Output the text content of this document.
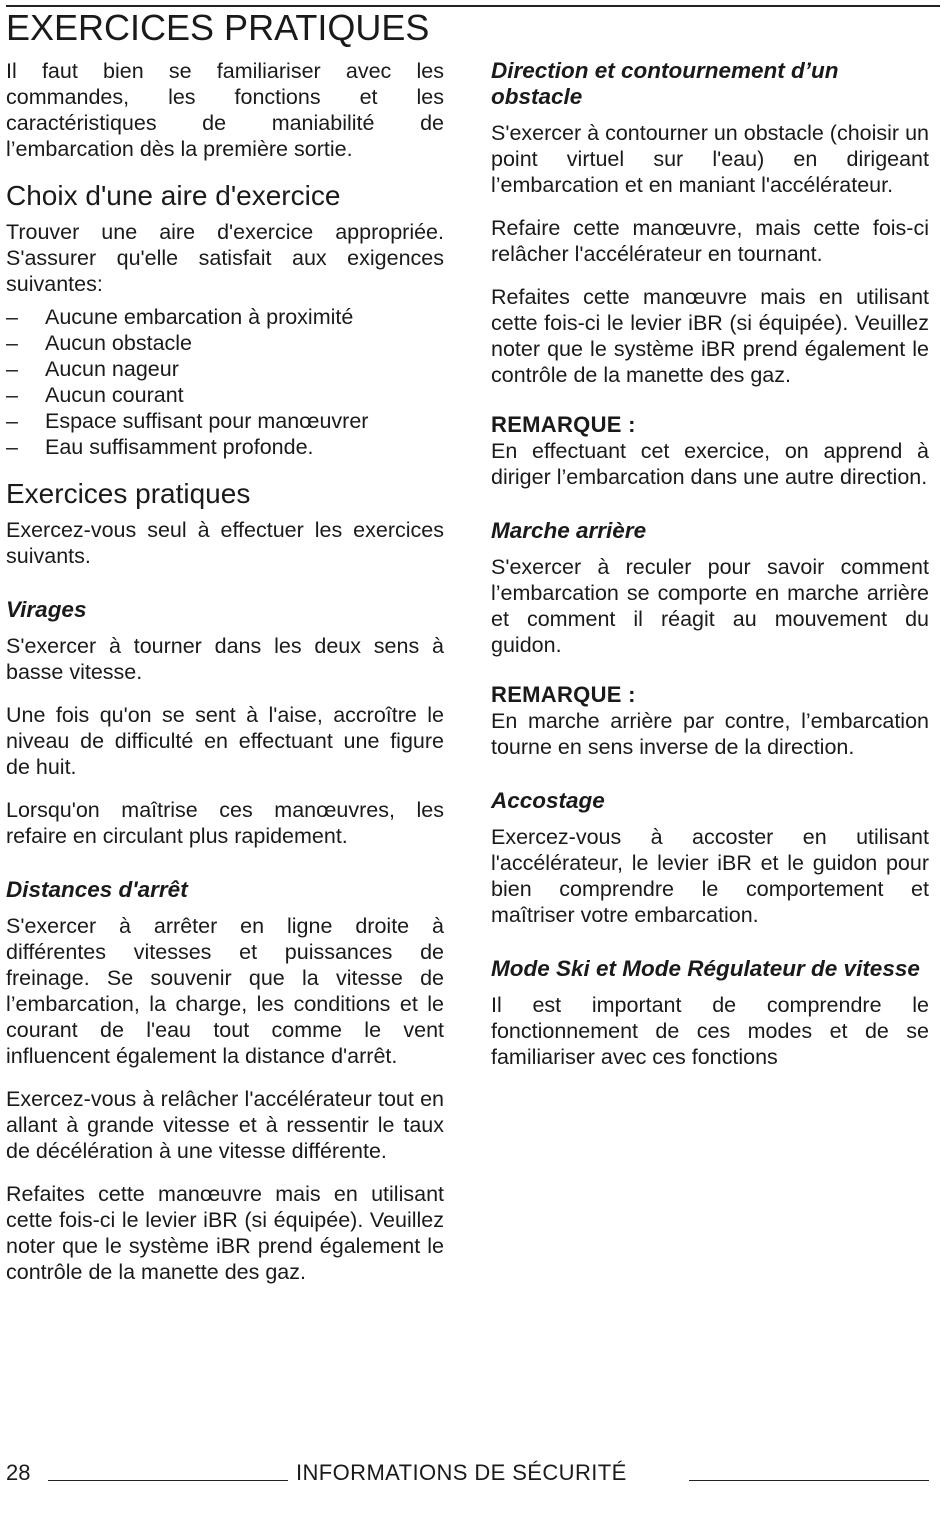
EXERCICES PRATIQUES

Il faut bien se familiariser avec les commandes, les fonctions et les caractéristiques de maniabilité de l’embarcation dès la première sortie.

Choix d'une aire d'exercice

Trouver une aire d'exercice appropriée. S'assurer qu'elle satisfait aux exigences suivantes:

– Aucune embarcation à proximité
– Aucun obstacle
– Aucun nageur
– Aucun courant
– Espace suffisant pour manœuvrer
– Eau suffisamment profonde.
Exercices pratiques

Exercez-vous seul à effectuer les exercices suivants.

Virages

S'exercer à tourner dans les deux sens à basse vitesse.

Une fois qu'on se sent à l'aise, accroître le niveau de difficulté en effectuant une figure de huit.

Lorsqu'on maîtrise ces manœuvres, les refaire en circulant plus rapidement.

Distances d'arrêt

S'exercer à arrêter en ligne droite à différentes vitesses et puissances de freinage. Se souvenir que la vitesse de l’embarcation, la charge, les conditions et le courant de l'eau tout comme le vent influencent également la distance d'arrêt.

Exercez-vous à relâcher l'accélérateur tout en allant à grande vitesse et à ressentir le taux de décélération à une vitesse différente.

Refaites cette manœuvre mais en utilisant cette fois-ci le levier iBR (si équipée). Veuillez noter que le système iBR prend également le contrôle de la manette des gaz.

Direction et contournement d’un obstacle

S'exercer à contourner un obstacle (choisir un point virtuel sur l'eau) en dirigeant l’embarcation et en maniant l'accélérateur.

Refaire cette manœuvre, mais cette fois-ci relâcher l'accélérateur en tournant.

Refaites cette manœuvre mais en utilisant cette fois-ci le levier iBR (si équipée). Veuillez noter que le système iBR prend également le contrôle de la manette des gaz.

REMARQUE :

En effectuant cet exercice, on apprend à diriger l’embarcation dans une autre direction.

Marche arrière

S'exercer à reculer pour savoir comment l’embarcation se comporte en marche arrière et comment il réagit au mouvement du guidon.

REMARQUE :

En marche arrière par contre, l’embarcation tourne en sens inverse de la direction.

Accostage

Exercez-vous à accoster en utilisant l'accélérateur, le levier iBR et le guidon pour bien comprendre le comportement et maîtriser votre embarcation.

Mode Ski et Mode Régulateur de vitesse

Il est important de comprendre le fonctionnement de ces modes et de se familiariser avec ces fonctions

28	INFORMATIONS DE SÉCURITÉ
